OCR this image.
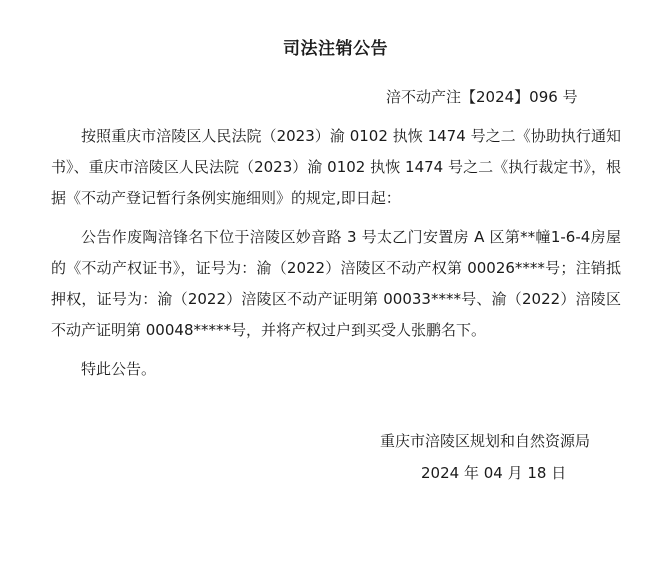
司法注销公告
涪不动产注【2024】096 号
按照重庆市涪陵区人民法院（2023）渝 0102 执恢 1474 号之二《协助执行通知书》、重庆市涪陵区人民法院（2023）渝 0102 执恢 1474 号之二《执行裁定书》，根据《不动产登记暂行条例实施细则》的规定,即日起：
公告作废陶涪锋名下位于涪陵区妙音路 3 号太乙门安置房 A 区第**幢1-6-4房屋的《不动产权证书》，证号为：渝（2022）涪陵区不动产权第 00026****号；注销抵押权，证号为：渝（2022）涪陵区不动产证明第 00033****号、渝（2022）涪陵区不动产证明第 00048*****号，并将产权过户到买受人张鹏名下。
特此公告。
重庆市涪陵区规划和自然资源局
2024 年 04 月 18 日
